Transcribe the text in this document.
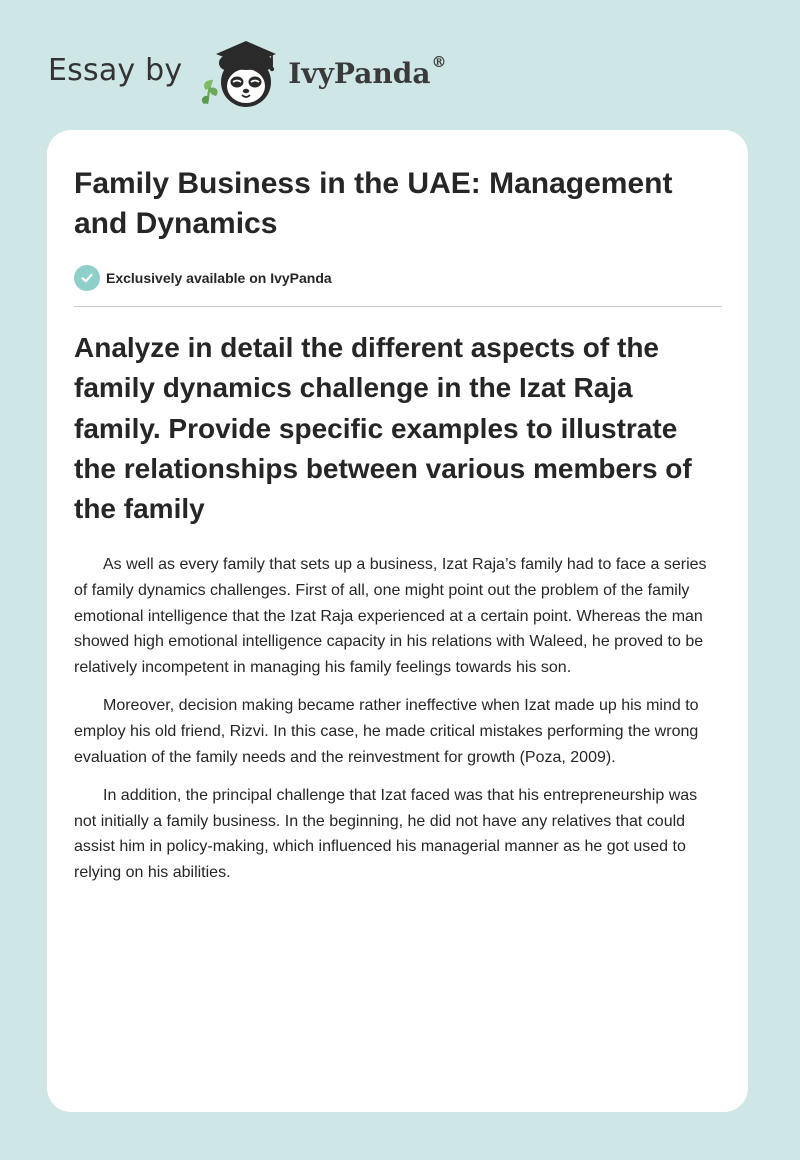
Essay by	IvyPanda®
Family Business in the UAE: Management and Dynamics
Exclusively available on IvyPanda
Analyze in detail the different aspects of the family dynamics challenge in the Izat Raja family. Provide specific examples to illustrate the relationships between various members of the family

As well as every family that sets up a business, Izat Raja’s family had to face a series of family dynamics challenges. First of all, one might point out the problem of the family emotional intelligence that the Izat Raja experienced at a certain point. Whereas the man showed high emotional intelligence capacity in his relations with Waleed, he proved to be relatively incompetent in managing his family feelings towards his son.

Moreover, decision making became rather ineffective when Izat made up his mind to employ his old friend, Rizvi. In this case, he made critical mistakes performing the wrong evaluation of the family needs and the reinvestment for growth (Poza, 2009).

In addition, the principal challenge that Izat faced was that his entrepreneurship was not initially a family business. In the beginning, he did not have any relatives that could assist him in policy-making, which influenced his managerial manner as he got used to relying on his abilities.
